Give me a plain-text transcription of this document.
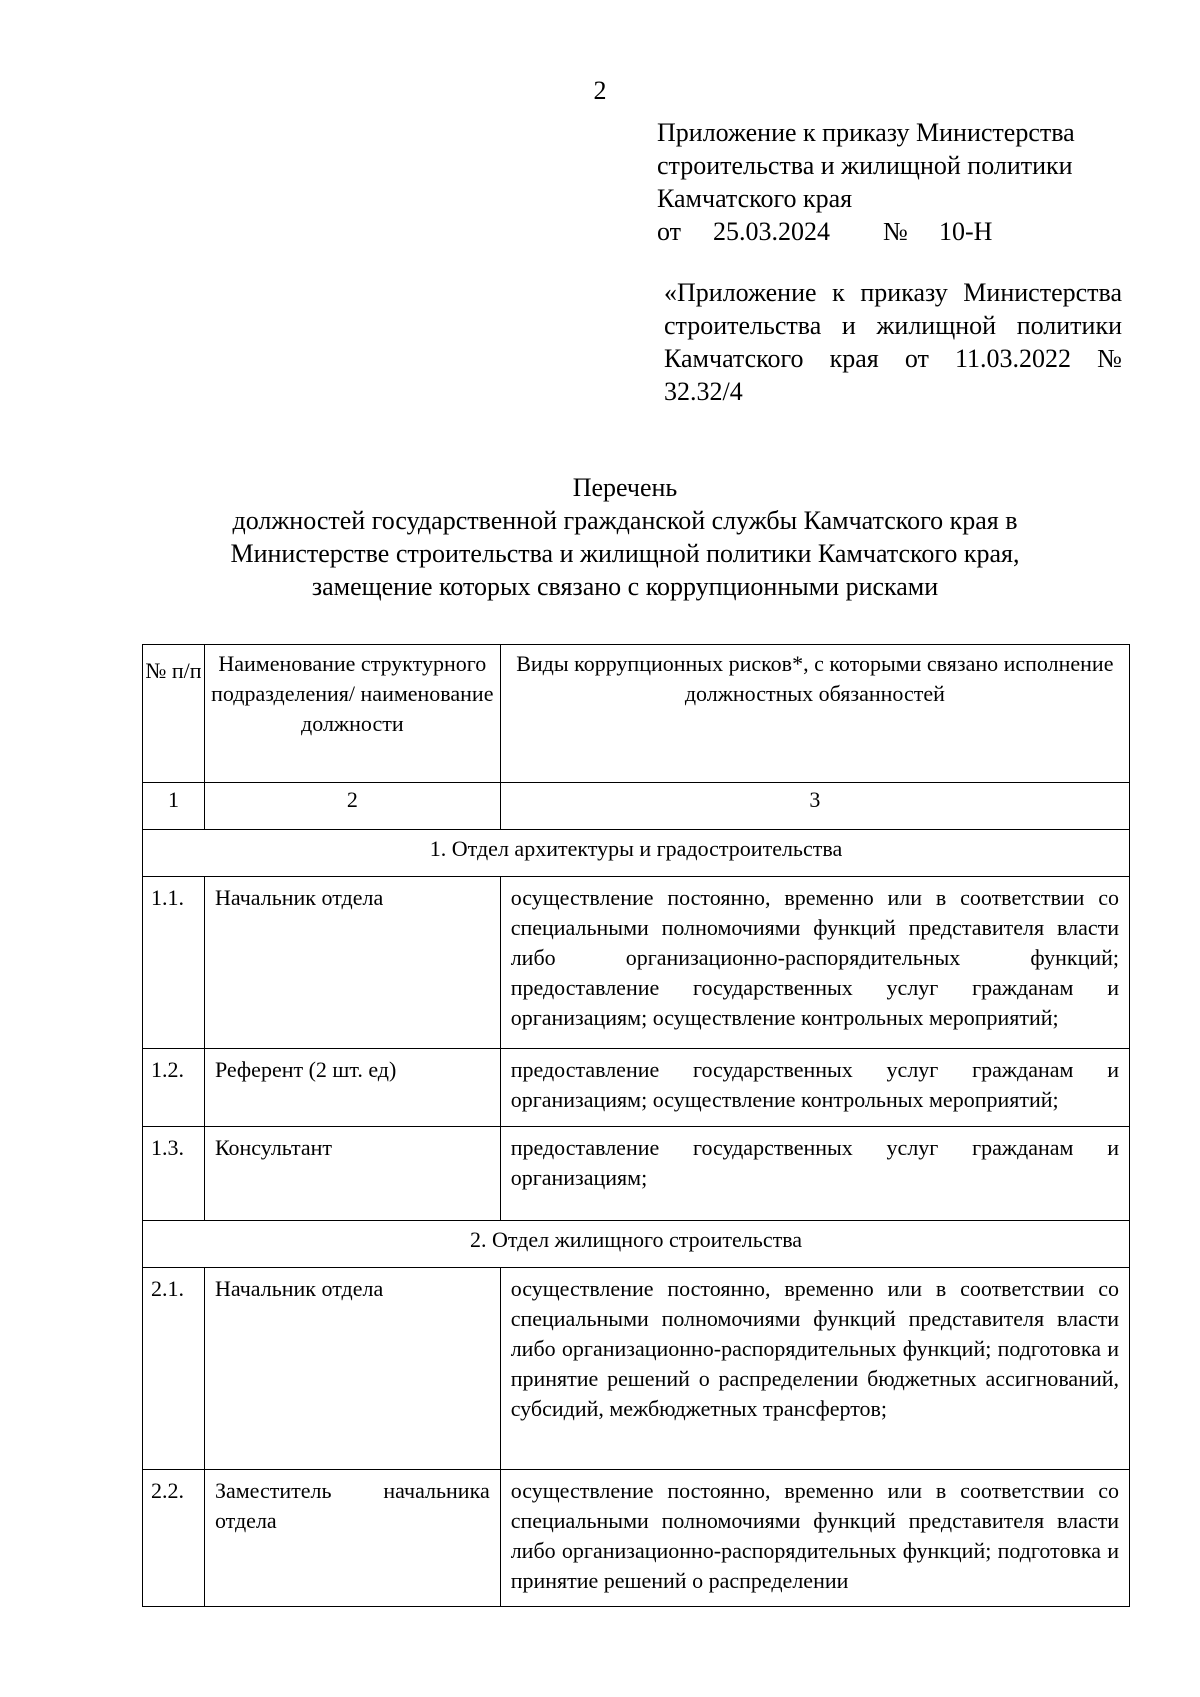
2
Приложение к приказу Министерства
строительства и жилищной политики
Камчатского края
от	25.03.2024	№	10-Н
«Приложение к приказу Министерства строительства и жилищной политики Камчатского края от 11.03.2022 № 32.32/4
Перечень
должностей государственной гражданской службы Камчатского края в
Министерстве строительства и жилищной политики Камчатского края,
замещение которых связано с коррупционными рисками
№ п/п	Наименование структурного подразделения/ наименование должности	Виды коррупционных рисков*, с которыми связано исполнение должностных обязанностей

1	2	3

1. Отдел архитектуры и градостроительства		

1.1.	Начальник отдела	осуществление постоянно, временно или в соответствии со специальными полномочиями функций представителя власти либо организационно-распорядительных функций; предоставление государственных услуг гражданам и организациям; осуществление контрольных мероприятий;

1.2.	Референт (2 шт. ед)	предоставление государственных услуг гражданам и организациям; осуществление контрольных мероприятий;

1.3.	Консультант	предоставление государственных услуг гражданам и организациям;

2. Отдел жилищного строительства		

2.1.	Начальник отдела	осуществление постоянно, временно или в соответствии со специальными полномочиями функций представителя власти либо организационно-распорядительных функций; подготовка и принятие решений о распределении бюджетных ассигнований, субсидий, межбюджетных трансфертов;

2.2.	Заместитель начальника отдела	осуществление постоянно, временно или в соответствии со специальными полномочиями функций представителя власти либо организационно-распорядительных функций; подготовка и принятие решений о распределении
